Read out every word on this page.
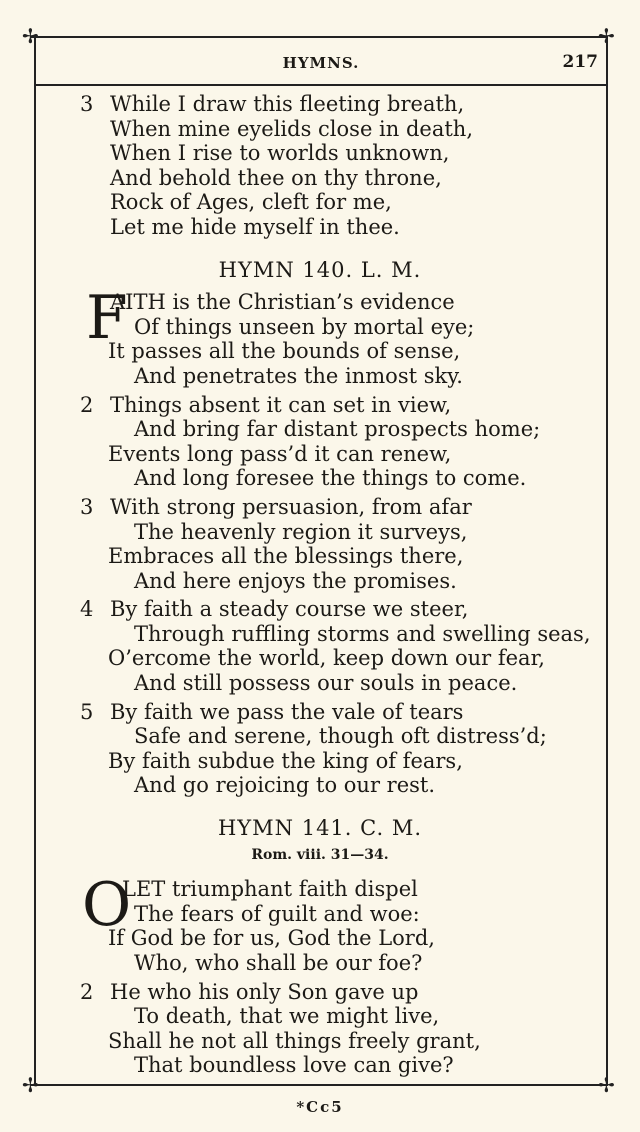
✢	✢
✢	✢
HYMNS.	217
3 While I draw this fleeting breath,
When mine eyelids close in death,
When I rise to worlds unknown,
And behold thee on thy throne,
Rock of Ages, cleft for me,
Let me hide myself in thee.
HYMN 140. L. M.
F
AITH is the Christian’s evidence
Of things unseen by mortal eye;
It passes all the bounds of sense,
And penetrates the inmost sky.
2 Things absent it can set in view,
And bring far distant prospects home;
Events long pass’d it can renew,
And long foresee the things to come.
3 With strong persuasion, from afar
The heavenly region it surveys,
Embraces all the blessings there,
And here enjoys the promises.
4 By faith a steady course we steer,
Through ruffling storms and swelling seas,
O’ercome the world, keep down our fear,
And still possess our souls in peace.
5 By faith we pass the vale of tears
Safe and serene, though oft distress’d;
By faith subdue the king of fears,
And go rejoicing to our rest.
HYMN 141. C. M.
Rom. viii. 31—34.
O
LET triumphant faith dispel
The fears of guilt and woe:
If God be for us, God the Lord,
Who, who shall be our foe?
2 He who his only Son gave up
To death, that we might live,
Shall he not all things freely grant,
That boundless love can give?
*Cc5
